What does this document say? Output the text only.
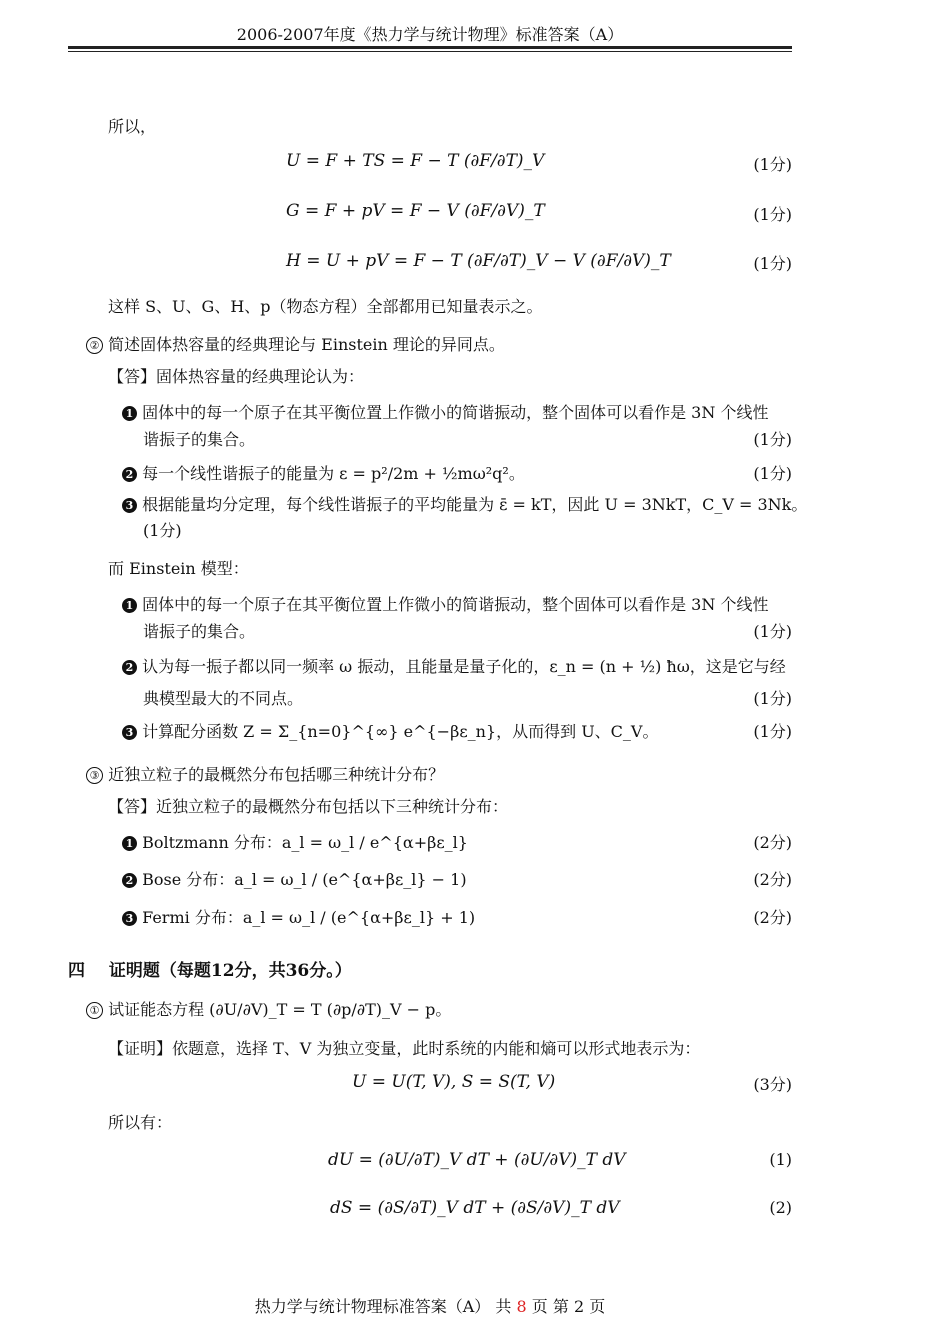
2006-2007年度《热力学与统计物理》标准答案（A）
所以，
U = F + TS = F − T (∂F/∂T)_V	(1分)
G = F + pV = F − V (∂F/∂V)_T	(1分)
H = U + pV = F − T (∂F/∂T)_V − V (∂F/∂V)_T	(1分)
这样 S、U、G、H、p（物态方程）全部都用已知量表示之。
② 简述固体热容量的经典理论与 Einstein 理论的异同点。
【答】固体热容量的经典理论认为：
1 固体中的每一个原子在其平衡位置上作微小的简谐振动，整个固体可以看作是 3N 个线性
谐振子的集合。	(1分)
2 每一个线性谐振子的能量为 ε = p²/2m + ½mω²q²。	(1分)
3 根据能量均分定理，每个线性谐振子的平均能量为 ε̄ = kT，因此 U = 3NkT，C_V = 3Nk。
(1分)
而 Einstein 模型：
1 固体中的每一个原子在其平衡位置上作微小的简谐振动，整个固体可以看作是 3N 个线性
谐振子的集合。	(1分)
2 认为每一振子都以同一频率 ω 振动，且能量是量子化的，ε_n = (n + ½) ħω，这是它与经
典模型最大的不同点。	(1分)
3 计算配分函数 Z = Σ_{n=0}^{∞} e^{−βε_n}，从而得到 U、C_V。	(1分)
③ 近独立粒子的最概然分布包括哪三种统计分布？
【答】近独立粒子的最概然分布包括以下三种统计分布：
1 Boltzmann 分布：a_l = ω_l / e^{α+βε_l}	(2分)
2 Bose 分布：a_l = ω_l / (e^{α+βε_l} − 1)	(2分)
3 Fermi 分布：a_l = ω_l / (e^{α+βε_l} + 1)	(2分)
四 证明题（每题12分，共36分。）
① 试证能态方程 (∂U/∂V)_T = T (∂p/∂T)_V − p。
【证明】依题意，选择 T、V 为独立变量，此时系统的内能和熵可以形式地表示为：
U = U(T, V), S = S(T, V)	(3分)
所以有：
dU = (∂U/∂T)_V dT + (∂U/∂V)_T dV	(1)
dS = (∂S/∂T)_V dT + (∂S/∂V)_T dV	(2)
热力学与统计物理标准答案（A） 共 8 页 第 2 页
